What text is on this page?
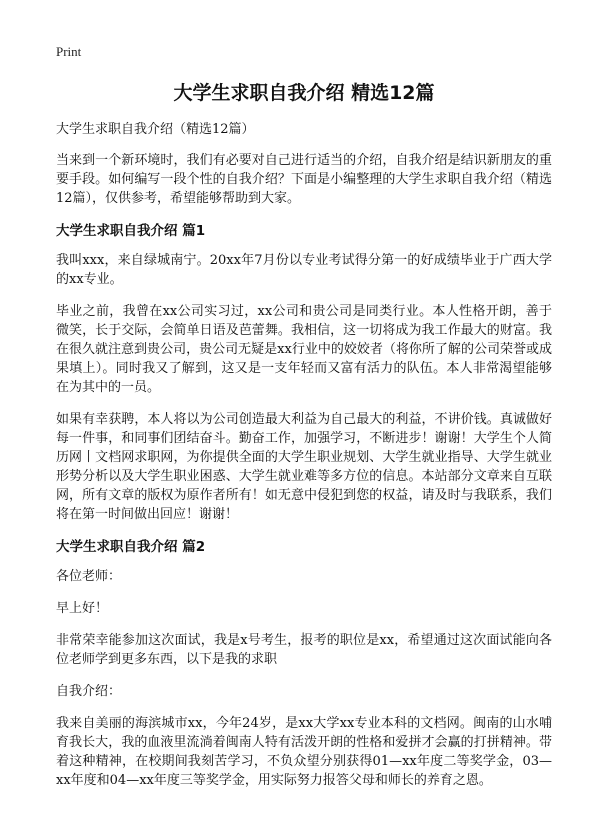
Print
大学生求职自我介绍 精选12篇

大学生求职自我介绍（精选12篇）

当来到一个新环境时，我们有必要对自己进行适当的介绍，自我介绍是结识新朋友的重要手段。如何编写一段个性的自我介绍？下面是小编整理的大学生求职自我介绍（精选12篇），仅供参考，希望能够帮助到大家。

大学生求职自我介绍 篇1

我叫xxx，来自绿城南宁。20xx年7月份以专业考试得分第一的好成绩毕业于广西大学的xx专业。

毕业之前，我曾在xx公司实习过，xx公司和贵公司是同类行业。本人性格开朗，善于微笑，长于交际，会简单日语及芭蕾舞。我相信，这一切将成为我工作最大的财富。我在很久就注意到贵公司，贵公司无疑是xx行业中的姣姣者（将你所了解的公司荣誉或成果填上）。同时我又了解到，这又是一支年轻而又富有活力的队伍。本人非常渴望能够在为其中的一员。

如果有幸获聘，本人将以为公司创造最大利益为自己最大的利益，不讲价钱。真诚做好每一件事，和同事们团结奋斗。勤奋工作，加强学习，不断进步！谢谢！大学生个人简历网丨文档网求职网，为你提供全面的大学生职业规划、大学生就业指导、大学生就业形势分析以及大学生职业困惑、大学生就业难等多方位的信息。本站部分文章来自互联网，所有文章的版权为原作者所有！如无意中侵犯到您的权益，请及时与我联系，我们将在第一时间做出回应！谢谢！

大学生求职自我介绍 篇2

各位老师：

早上好！

非常荣幸能参加这次面试，我是x号考生，报考的职位是xx，希望通过这次面试能向各位老师学到更多东西，以下是我的求职

自我介绍：

我来自美丽的海滨城市xx，今年24岁，是xx大学xx专业本科的文档网。闽南的山水哺育我长大，我的血液里流淌着闽南人特有活泼开朗的性格和爱拼才会赢的打拼精神。带着这种精神，在校期间我刻苦学习，不负众望分别获得01—xx年度二等奖学金，03—xx年度和04—xx年度三等奖学金，用实际努力报答父母和师长的养育之恩。
